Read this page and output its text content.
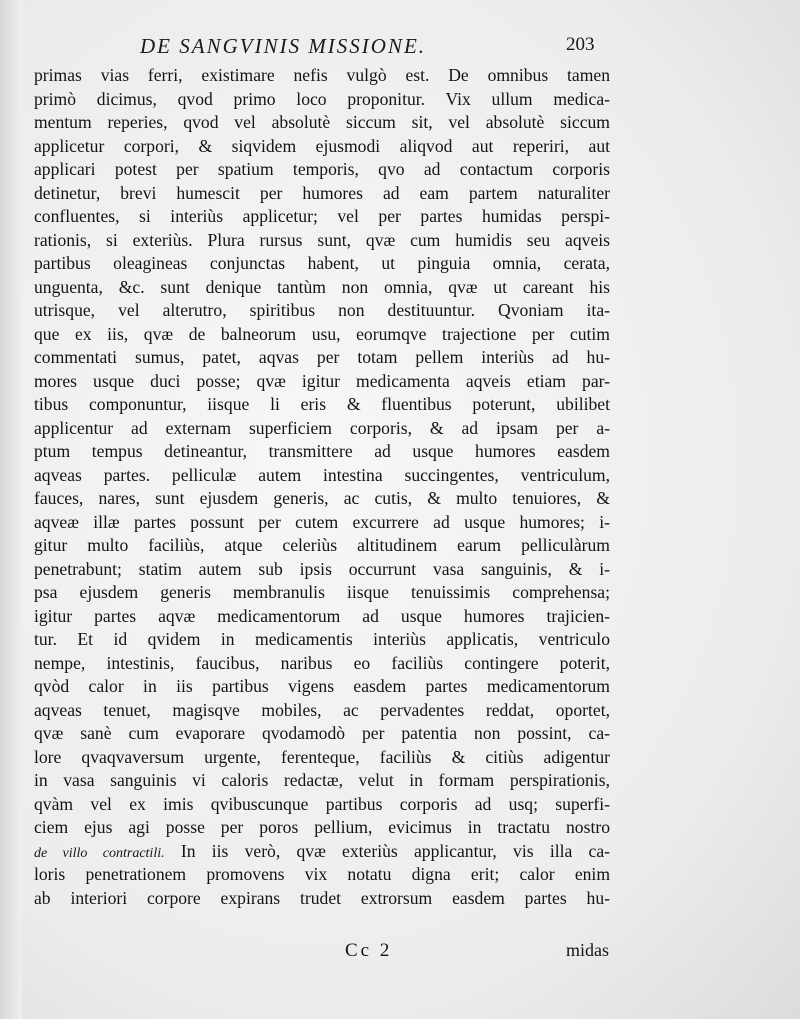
DE SANGVINIS MISSIONE.	203
primas vias ferri, existimare nefis vulgò est. De omnibus tamen
primò dicimus, qvod primo loco proponitur. Vix ullum medica-
mentum reperies, qvod vel absolutè siccum sit, vel absolutè siccum
applicetur corpori, & siqvidem ejusmodi aliqvod aut reperiri, aut
applicari potest per spatium temporis, qvo ad contactum corporis
detinetur, brevi humescit per humores ad eam partem naturaliter
confluentes, si interiùs applicetur; vel per partes humidas perspi-
rationis, si exteriùs. Plura rursus sunt, qvæ cum humidis seu aqveis
partibus oleagineas conjunctas habent, ut pinguia omnia, cerata,
unguenta, &c. sunt denique tantùm non omnia, qvæ ut careant his
utrisque, vel alterutro, spiritibus non destituuntur. Qvoniam ita-
que ex iis, qvæ de balneorum usu, eorumqve trajectione per cutim
commentati sumus, patet, aqvas per totam pellem interiùs ad hu-
mores usque duci posse; qvæ igitur medicamenta aqveis etiam par-
tibus componuntur, iisque li eris & fluentibus poterunt, ubilibet
applicentur ad externam superficiem corporis, & ad ipsam per a-
ptum tempus detineantur, transmittere ad usque humores easdem
aqveas partes. pelliculæ autem intestina succingentes, ventriculum,
fauces, nares, sunt ejusdem generis, ac cutis, & multo tenuiores, &
aqveæ illæ partes possunt per cutem excurrere ad usque humores; i-
gitur multo faciliùs, atque celeriùs altitudinem earum pelliculàrum
penetrabunt; statim autem sub ipsis occurrunt vasa sanguinis, & i-
psa ejusdem generis membranulis iisque tenuissimis comprehensa;
igitur partes aqvæ medicamentorum ad usque humores trajicien-
tur. Et id qvidem in medicamentis interiùs applicatis, ventriculo
nempe, intestinis, faucibus, naribus eo faciliùs contingere poterit,
qvòd calor in iis partibus vigens easdem partes medicamentorum
aqveas tenuet, magisqve mobiles, ac pervadentes reddat, oportet,
qvæ sanè cum evaporare qvodamodò per patentia non possint, ca-
lore qvaqvaversum urgente, ferenteque, faciliùs & citiùs adigentur
in vasa sanguinis vi caloris redactæ, velut in formam perspirationis,
qvàm vel ex imis qvibuscunque partibus corporis ad usq; superfi-
ciem ejus agi posse per poros pellium, evicimus in tractatu nostro
de villo contractili. In iis verò, qvæ exteriùs applicantur, vis illa ca-
loris penetrationem promovens vix notatu digna erit; calor enim
ab interiori corpore expirans trudet extrorsum easdem partes hu-
Cc 2	midas
